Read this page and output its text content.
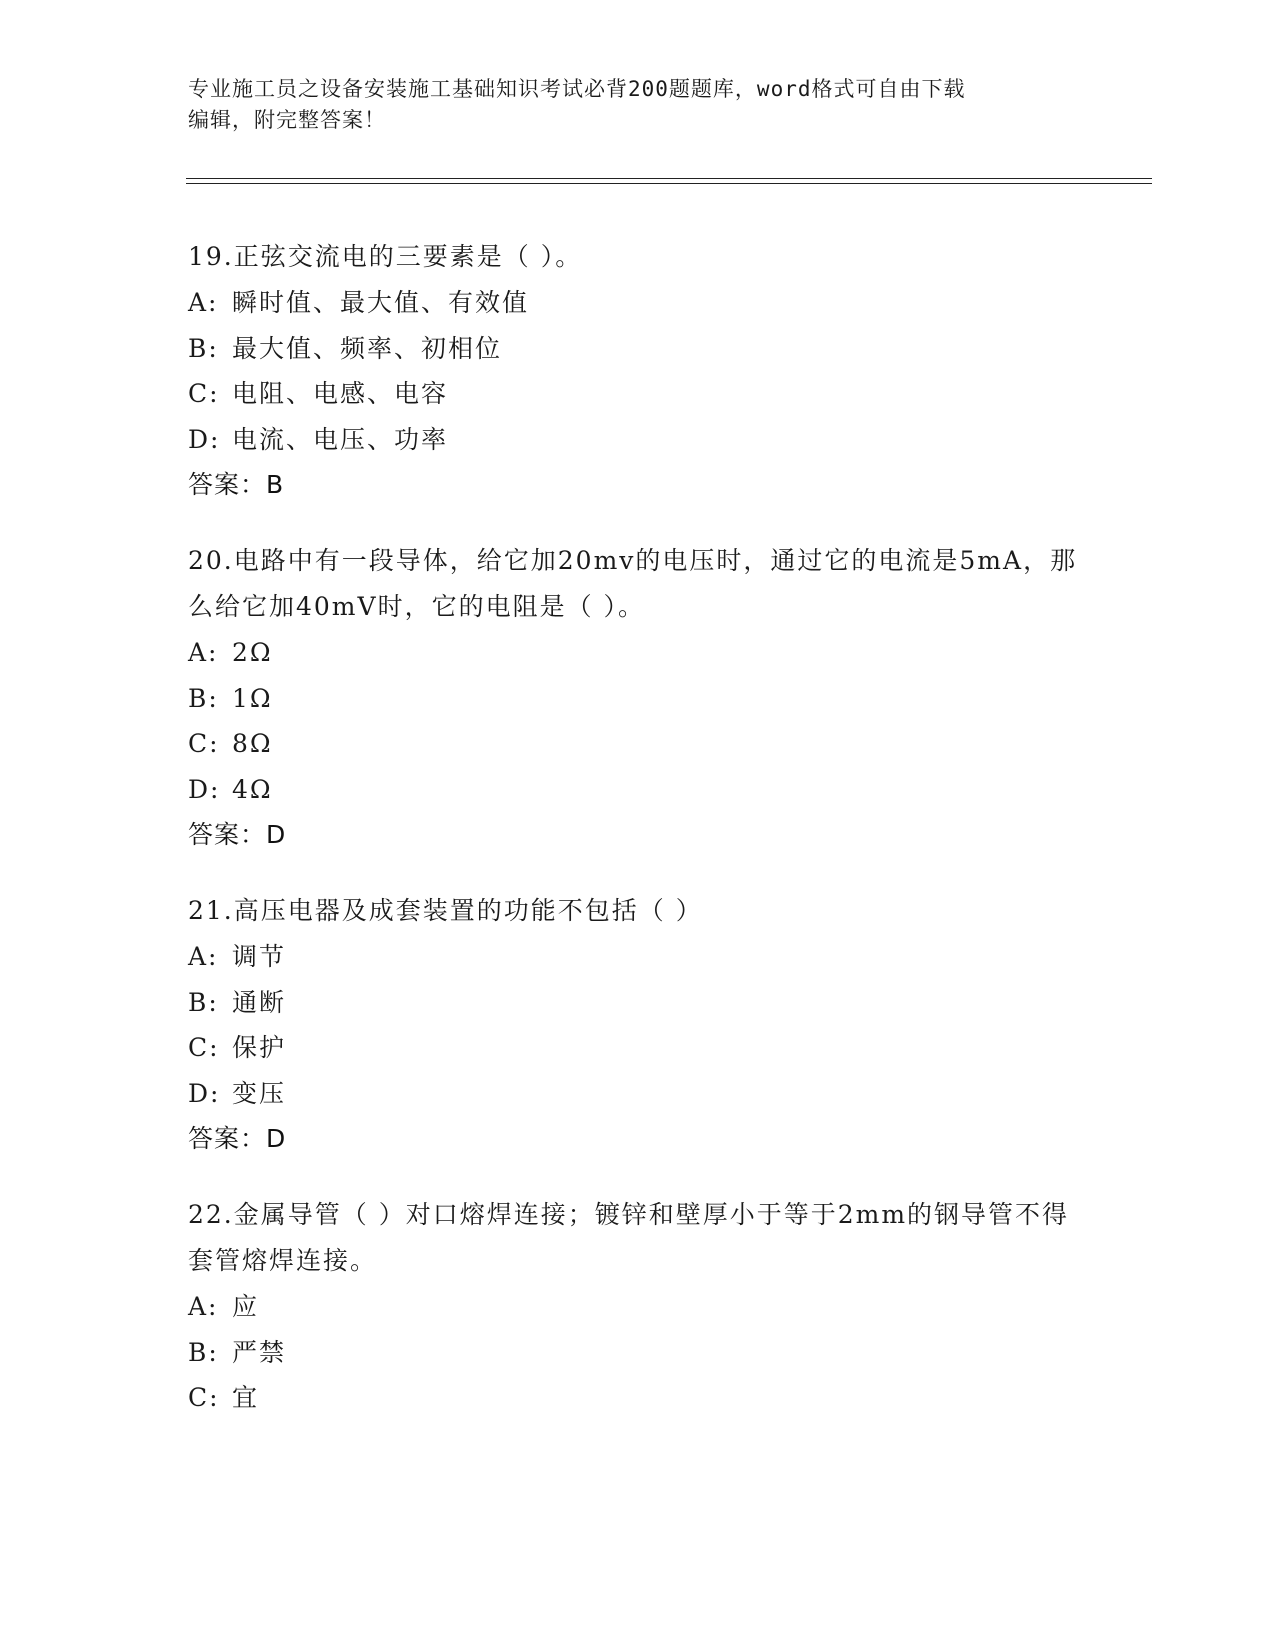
专业施工员之设备安装施工基础知识考试必背200题题库，word格式可自由下载
编辑，附完整答案！
19.正弦交流电的三要素是（ ）。
A: 瞬时值、最大值、有效值
B: 最大值、频率、初相位
C: 电阻、电感、电容
D: 电流、电压、功率
答案：B
20.电路中有一段导体，给它加20mv的电压时，通过它的电流是5mA，那么给它加40mV时，它的电阻是（ ）。
A: 2Ω
B: 1Ω
C: 8Ω
D: 4Ω
答案：D
21.高压电器及成套装置的功能不包括（ ）
A: 调节
B: 通断
C: 保护
D: 变压
答案：D
22.金属导管（ ）对口熔焊连接；镀锌和壁厚小于等于2mm的钢导管不得套管熔焊连接。
A: 应
B: 严禁
C: 宜
